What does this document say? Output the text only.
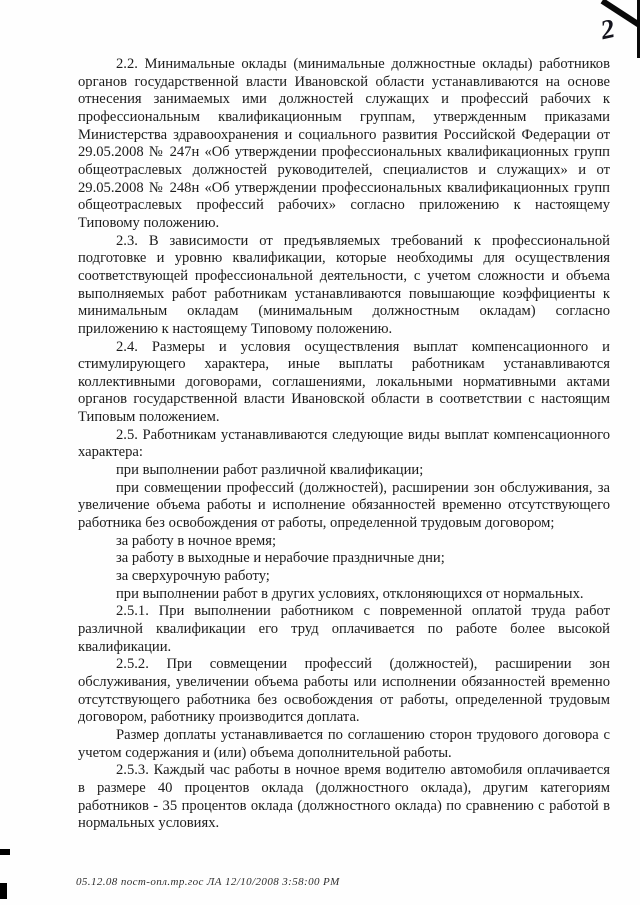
2

2.2. Минимальные оклады (минимальные должностные оклады) работников органов государственной власти Ивановской области устанавливаются на основе отнесения занимаемых ими должностей служащих и профессий рабочих к профессиональным квалификационным группам, утвержденным приказами Министерства здравоохранения и социального развития Российской Федерации от 29.05.2008 № 247н «Об утверждении профессиональных квалификационных групп общеотраслевых должностей руководителей, специалистов и служащих» и от 29.05.2008 № 248н «Об утверждении профессиональных квалификационных групп общеотраслевых профессий рабочих» согласно приложению к настоящему Типовому положению.

2.3. В зависимости от предъявляемых требований к профессиональной подготовке и уровню квалификации, которые необходимы для осуществления соответствующей профессиональной деятельности, с учетом сложности и объема выполняемых работ работникам устанавливаются повышающие коэффициенты к минимальным окладам (минимальным должностным окладам) согласно приложению к настоящему Типовому положению.

2.4. Размеры и условия осуществления выплат компенсационного и стимулирующего характера, иные выплаты работникам устанавливаются коллективными договорами, соглашениями, локальными нормативными актами органов государственной власти Ивановской области в соответствии с настоящим Типовым положением.

2.5. Работникам устанавливаются следующие виды выплат компенсационного характера:

при выполнении работ различной квалификации;

при совмещении профессий (должностей), расширении зон обслуживания, за увеличение объема работы и исполнение обязанностей временно отсутствующего работника без освобождения от работы, определенной трудовым договором;

за работу в ночное время;

за работу в выходные и нерабочие праздничные дни;

за сверхурочную работу;

при выполнении работ в других условиях, отклоняющихся от нормальных.

2.5.1. При выполнении работником с повременной оплатой труда работ различной квалификации его труд оплачивается по работе более высокой квалификации.

2.5.2. При совмещении профессий (должностей), расширении зон обслуживания, увеличении объема работы или исполнении обязанностей временно отсутствующего работника без освобождения от работы, определенной трудовым договором, работнику производится доплата.

Размер доплаты устанавливается по соглашению сторон трудового договора с учетом содержания и (или) объема дополнительной работы.

2.5.3. Каждый час работы в ночное время водителю автомобиля оплачивается в размере 40 процентов оклада (должностного оклада), другим категориям работников - 35 процентов оклада (должностного оклада) по сравнению с работой в нормальных условиях.

05.12.08 пост-опл.тр.гос ЛА 12/10/2008 3:58:00 PM
